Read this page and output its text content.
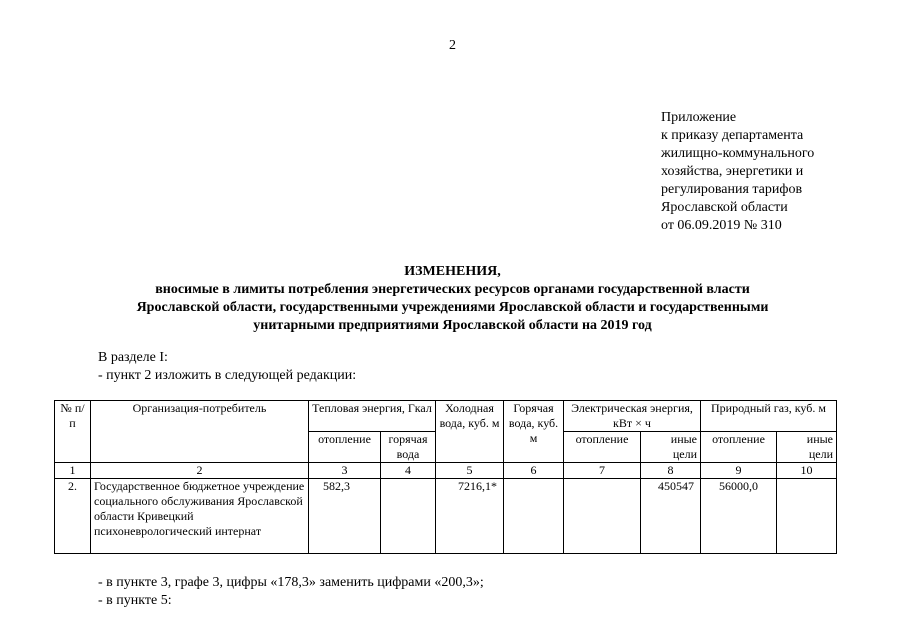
2
Приложение
к приказу департамента
жилищно-коммунального
хозяйства, энергетики и
регулирования тарифов
Ярославской области
от 06.09.2019 № 310
ИЗМЕНЕНИЯ,
вносимые в лимиты потребления энергетических ресурсов органами государственной власти
Ярославской области, государственными учреждениями Ярославской области и государственными
унитарными предприятиями Ярославской области на 2019 год
В разделе I:
- пункт 2 изложить в следующей редакции:
№ п/п	Организация-потребитель	Тепловая энергия, Гкал		Холодная вода, куб. м	Горячая вода, куб. м	Электрическая энергия, кВт × ч		Природный газ, куб. м	
		отопление	горячая вода			отопление	иные цели	отопление	иные цели
1	2	3	4	5	6	7	8	9	10
2.	Государственное бюджетное учреждение социального обслуживания Ярославской области Кривецкий психоневрологический интернат	582,3		7216,1*			450547	56000,0	
- в пункте 3, графе 3, цифры «178,3» заменить цифрами «200,3»;
- в пункте 5:
